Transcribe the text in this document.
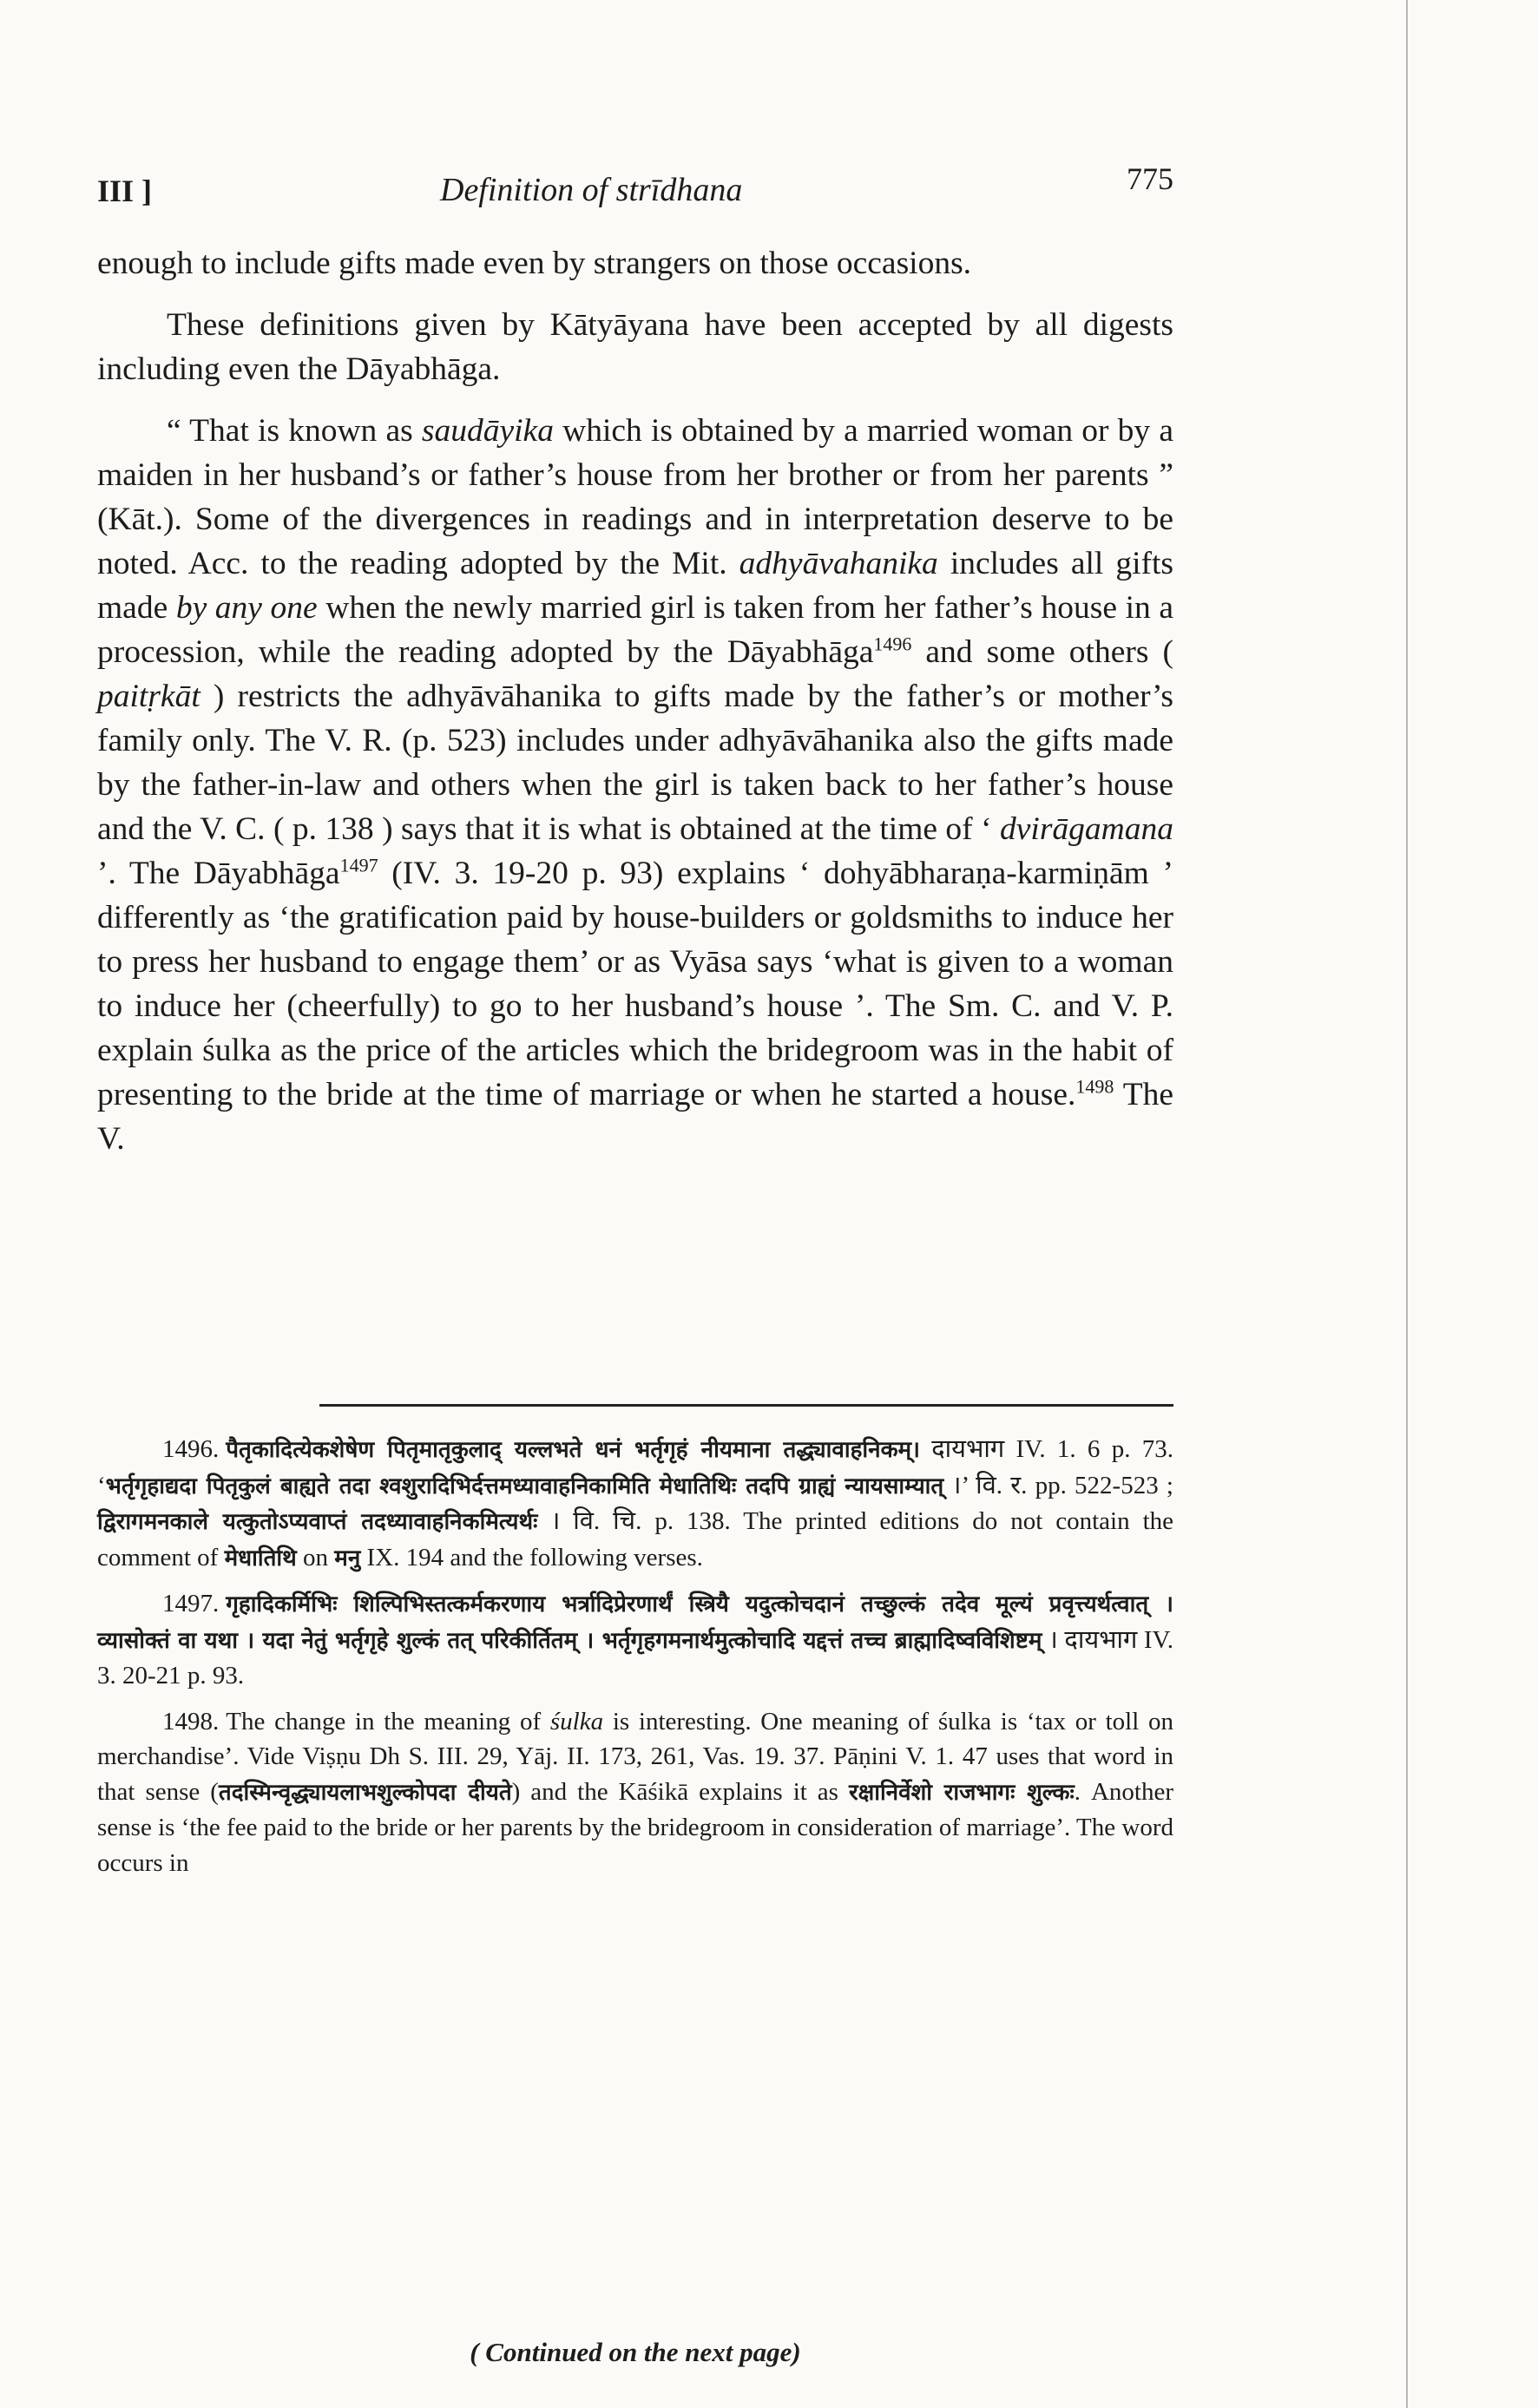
III ]	Definition of strīdhana	775

enough to include gifts made even by strangers on those occasions.

These definitions given by Kātyāyana have been accepted by all digests including even the Dāyabhāga.

“ That is known as saudāyika which is obtained by a married woman or by a maiden in her husband’s or father’s house from her brother or from her parents ” (Kāt.). Some of the divergences in readings and in interpretation deserve to be noted. Acc. to the reading adopted by the Mit. adhyāvahanika includes all gifts made by any one when the newly married girl is taken from her father’s house in a procession, while the reading adopted by the Dāyabhāga$^{1496}$ and some others ( paitṛkāt ) restricts the adhyāvāhanika to gifts made by the father’s or mother’s family only. The V. R. (p. 523) includes under adhyāvāhanika also the gifts made by the father-in-law and others when the girl is taken back to her father’s house and the V. C. ( p. 138 ) says that it is what is obtained at the time of ‘ dvirāgamana ’. The Dāyabhāga$^{1497}$ (IV. 3. 19-20 p. 93) explains ‘ dohyābharaṇa-karmiṇām ’ differently as ‘the gratification paid by house-builders or goldsmiths to induce her to press her husband to engage them’ or as Vyāsa says ‘what is given to a woman to induce her (cheerfully) to go to her husband’s house ’. The Sm. C. and V. P. explain śulka as the price of the articles which the bridegroom was in the habit of presenting to the bride at the time of marriage or when he started a house.$^{1498}$ The V.

1496. पैतृकादित्येकशेषेण पितृमातृकुलाद् यल्लभते धनं भर्तृगृहं नीयमाना तद्ध्यावाहनिकम्। दायभाग IV. 1. 6 p. 73. ‘भर्तृगृहाद्यदा पितृकुलं बाह्यते तदा श्वशुरादिभिर्दत्तमध्यावाहनिकामिति मेधातिथिः तदपि ग्राह्यं न्यायसाम्यात् ।’ वि. र. pp. 522-523 ; द्विरागमनकाले यत्कुतोऽप्यवाप्तं तदध्यावाहनिकमित्यर्थः । वि. चि. p. 138. The printed editions do not contain the comment of मेधातिथि on मनु IX. 194 and the following verses.

1497. गृहादिकर्मिभिः शिल्पिभिस्तत्कर्मकरणाय भर्त्रादिप्रेरणार्थं स्त्रियै यदुत्कोचदानं तच्छुल्कं तदेव मूल्यं प्रवृत्त्यर्थत्वात् । व्यासोक्तं वा यथा । यदा नेतुं भर्तृगृहे शुल्कं तत् परिकीर्तितम् । भर्तृगृहगमनार्थमुत्कोचादि यद्दत्तं तच्च ब्राह्मादिष्वविशिष्टम् । दायभाग IV. 3. 20-21 p. 93.

1498. The change in the meaning of śulka is interesting. One meaning of śulka is ‘tax or toll on merchandise’. Vide Viṣṇu Dh S. III. 29, Yāj. II. 173, 261, Vas. 19. 37. Pāṇini V. 1. 47 uses that word in that sense (तदस्मिन्वृद्ध्यायलाभशुल्कोपदा दीयते) and the Kāśikā explains it as रक्षानिर्वेशो राजभागः शुल्कः. Another sense is ‘the fee paid to the bride or her parents by the bridegroom in consideration of marriage’. The word occurs in

( Continued on the next page)
